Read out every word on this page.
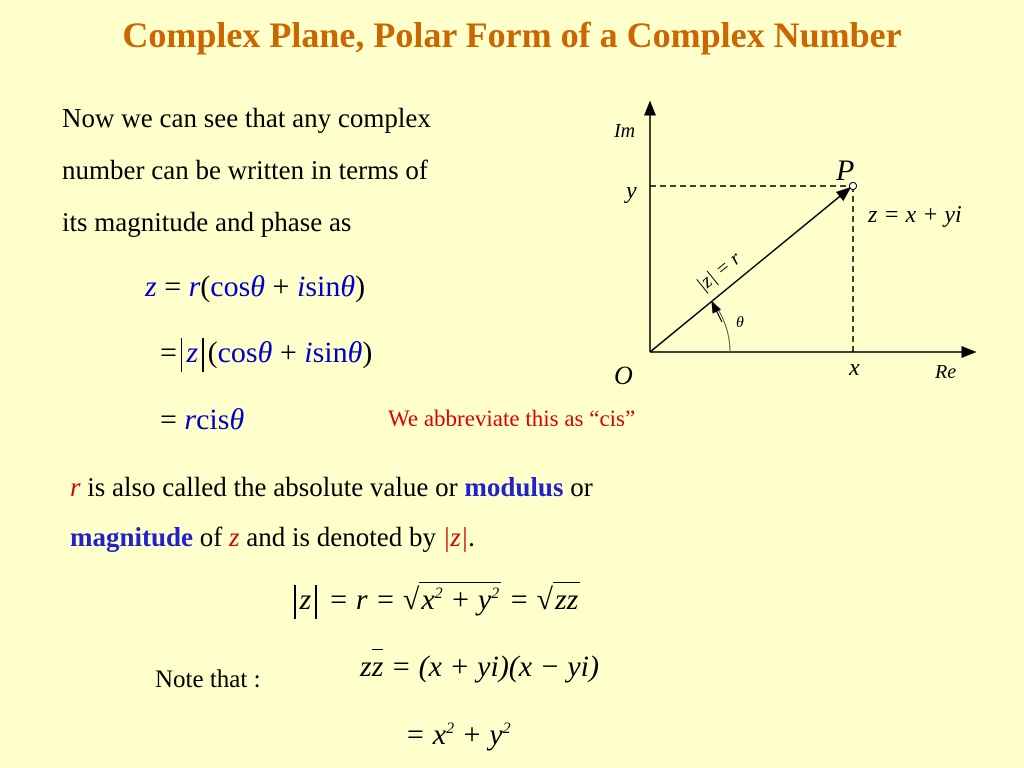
Complex Plane, Polar Form of a Complex Number
Now we can see that any complex
number can be written in terms of
its magnitude and phase as
z = r(cosθ + isinθ)
= z (cosθ + isinθ)
= rcisθ	We abbreviate this as “cis”
r is also called the absolute value or modulus or
magnitude of z and is denoted by |z|.
$z = r = √x^2 + y^2 = √zz$
Note that :	zz = (x + yi)(x − yi)
= $x^2 + y^2$
Im
Re
O
P
y
x
z = x + yi
θ
|z| = r
